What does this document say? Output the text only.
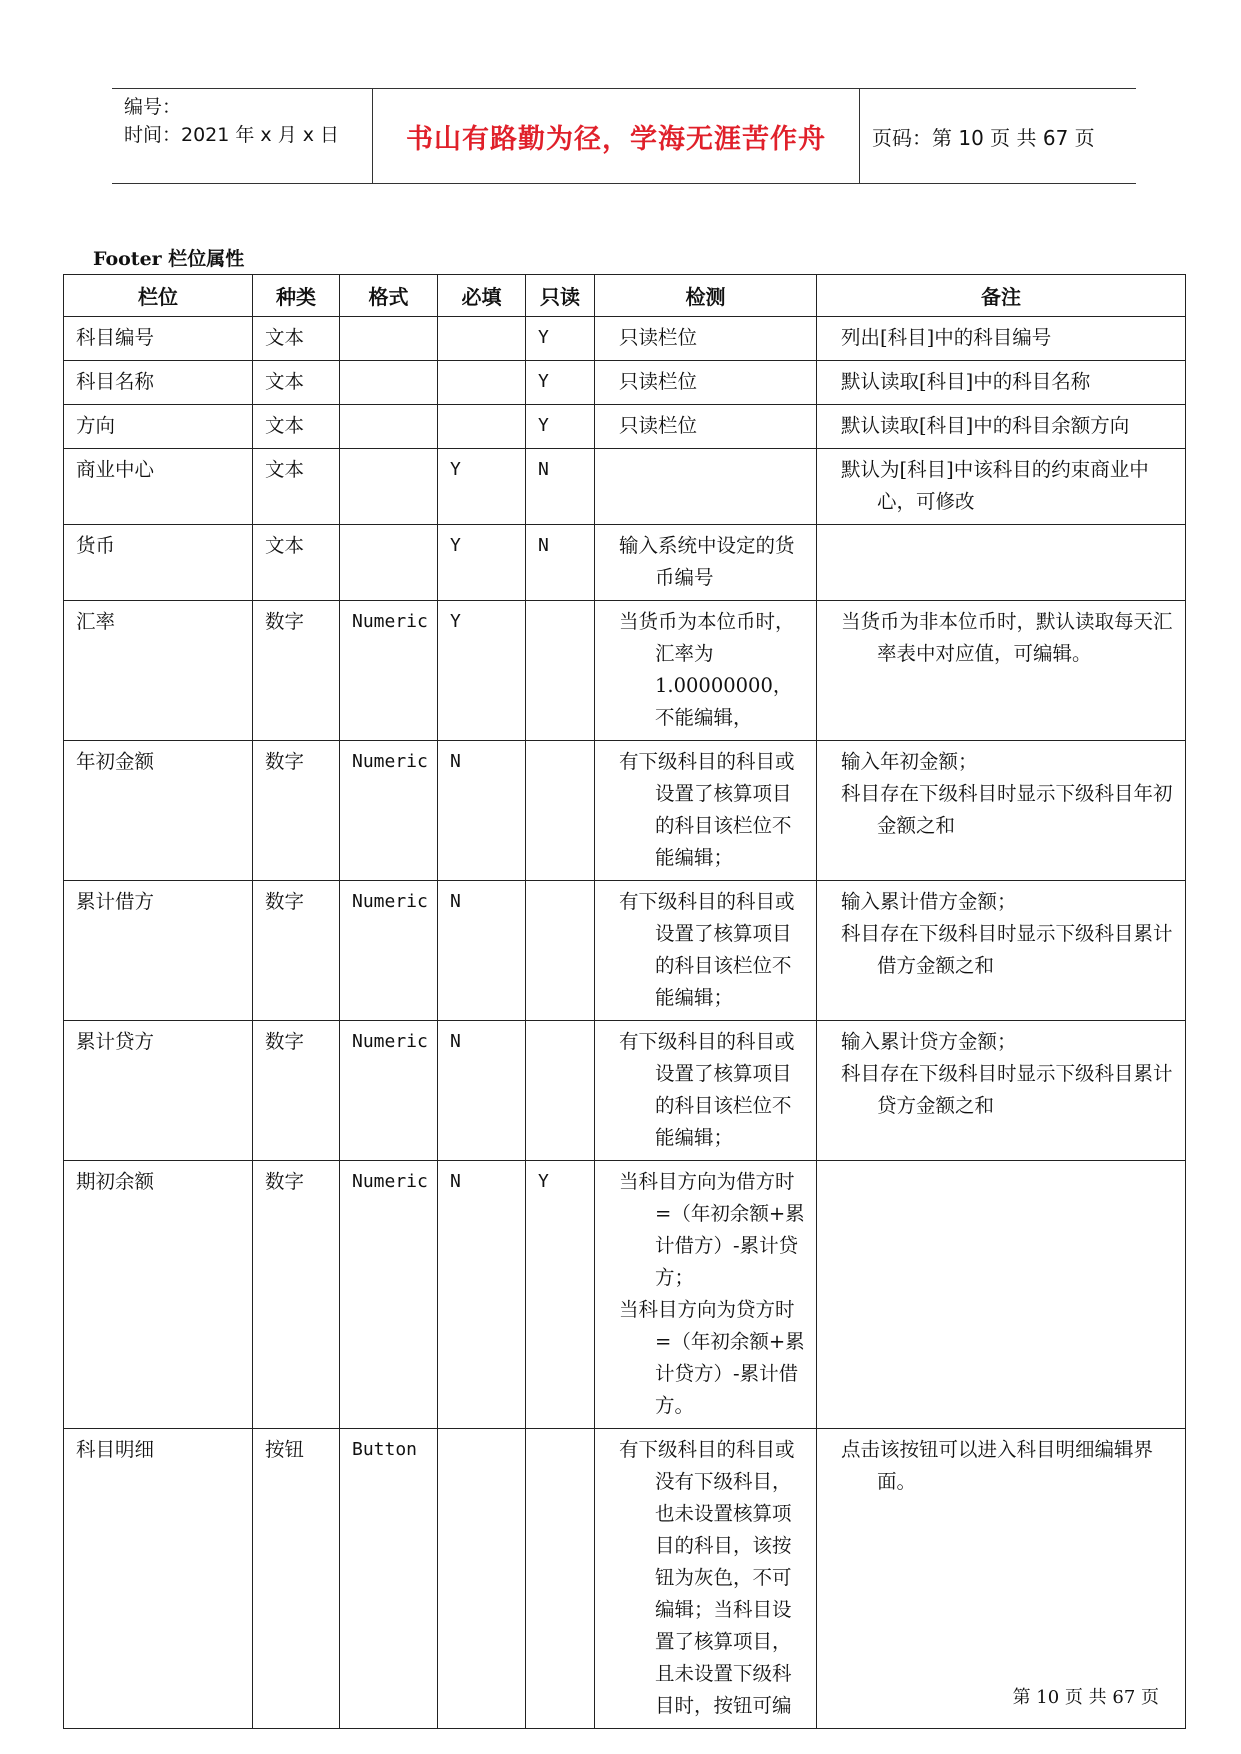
编号：
时间：2021 年 x 月 x 日	书山有路勤为径，学海无涯苦作舟	页码：第 10 页 共 67 页
Footer 栏位属性
栏位	种类	格式	必填	只读	检测	备注
科目编号	文本			Y	只读栏位	列出[科目]中的科目编号

科目名称	文本			Y	只读栏位	默认读取[科目]中的科目名称

方向	文本			Y	只读栏位	默认读取[科目]中的科目余额方向

商业中心	文本		Y	N		默认为[科目]中该科目的约束商业中心，可修改

货币	文本		Y	N	输入系统中设定的货币编号	

汇率	数字	Numeric	Y		当货币为本位币时，汇率为 1.00000000，不能编辑，	当货币为非本位币时，默认读取每天汇率表中对应值，可编辑。

年初金额	数字	Numeric	N		有下级科目的科目或设置了核算项目的科目该栏位不能编辑；	输入年初金额；
科目存在下级科目时显示下级科目年初金额之和

累计借方	数字	Numeric	N		有下级科目的科目或设置了核算项目的科目该栏位不能编辑；	输入累计借方金额；
科目存在下级科目时显示下级科目累计借方金额之和

累计贷方	数字	Numeric	N		有下级科目的科目或设置了核算项目的科目该栏位不能编辑；	输入累计贷方金额；
科目存在下级科目时显示下级科目累计贷方金额之和

期初余额	数字	Numeric	N	Y	当科目方向为借方时=（年初余额+累计借方）-累计贷方；
当科目方向为贷方时=（年初余额+累计贷方）-累计借方。	

科目明细	按钮	Button			有下级科目的科目或没有下级科目，也未设置核算项目的科目，该按钮为灰色，不可编辑；当科目设置了核算项目，且未设置下级科目时，按钮可编	点击该按钮可以进入科目明细编辑界面。
第 10 页 共 67 页
